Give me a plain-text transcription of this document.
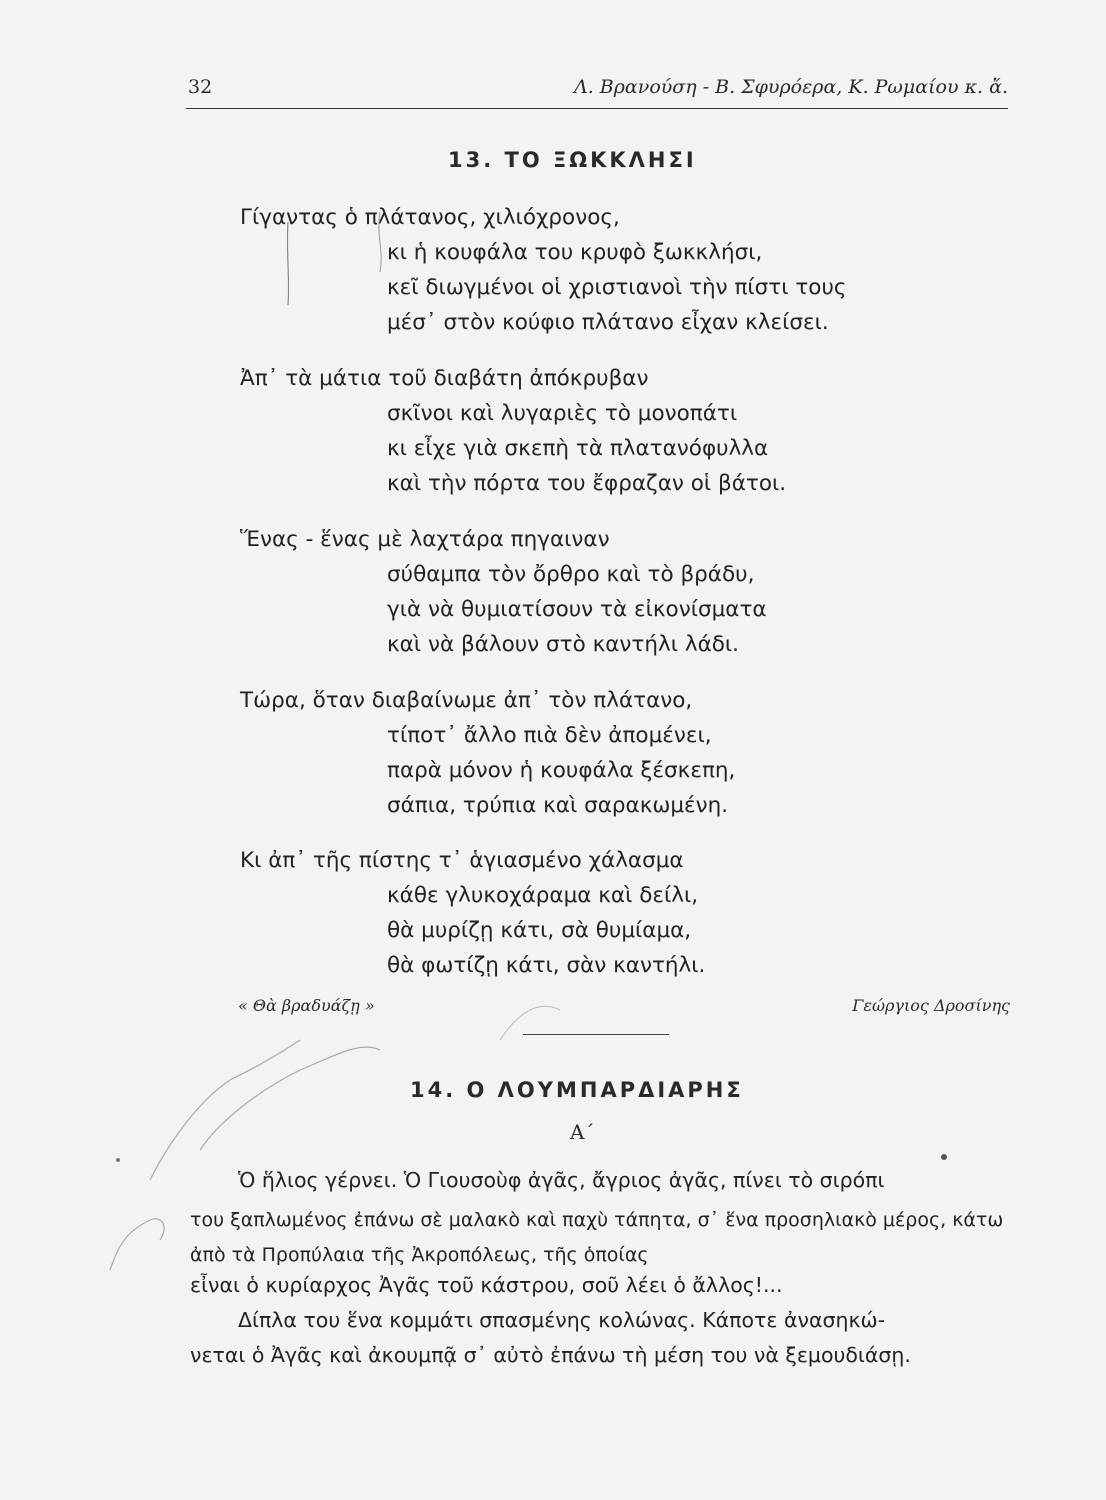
32	Λ. Βρανούση - Β. Σφυρόερα, Κ. Ρωμαίου κ. ἄ.
13. ΤΟ ΞΩΚΚΛΗΣΙ
Γίγαντας ὁ πλάτανος, χιλιόχρονος,
κι ἡ κουφάλα του κρυφὸ ξωκκλήσι,
κεῖ διωγμένοι οἱ χριστιανοὶ τὴν πίστι τους
μέσ᾽ στὸν κούφιο πλάτανο εἶχαν κλείσει.
Ἀπ᾽ τὰ μάτια τοῦ διαβάτη ἀπόκρυβαν
σκῖνοι καὶ λυγαριὲς τὸ μονοπάτι
κι εἶχε γιὰ σκεπὴ τὰ πλατανόφυλλα
καὶ τὴν πόρτα του ἔφραζαν οἱ βάτοι.
Ἕνας - ἕνας μὲ λαχτάρα πηγαιναν
σύθαμπα τὸν ὄρθρο καὶ τὸ βράδυ,
γιὰ νὰ θυμιατίσουν τὰ εἰκονίσματα
καὶ νὰ βάλουν στὸ καντήλι λάδι.
Τώρα, ὅταν διαβαίνωμε ἀπ᾽ τὸν πλάτανο,
τίποτ᾽ ἄλλο πιὰ δὲν ἀπομένει,
παρὰ μόνον ἡ κουφάλα ξέσκεπη,
σάπια, τρύπια καὶ σαρακωμένη.
Κι ἀπ᾽ τῆς πίστης τ᾽ ἁγιασμένο χάλασμα
κάθε γλυκοχάραμα καὶ δείλι,
θὰ μυρίζῃ κάτι, σὰ θυμίαμα,
θὰ φωτίζῃ κάτι, σὰν καντήλι.
« Θὰ βραδυάζῃ »	Γεώργιος Δροσίνης
14. Ο ΛΟΥΜΠΑΡΔΙΑΡΗΣ
Α΄
Ὁ ἥλιος γέρνει. Ὁ Γιουσοὺφ ἀγᾶς, ἄγριος ἀγᾶς, πίνει τὸ σιρόπι
του ξαπλωμένος ἐπάνω σὲ μαλακὸ καὶ παχὺ τάπητα, σ᾽ ἕνα προσηλιακὸ μέρος, κάτω ἀπὸ τὰ Προπύλαια τῆς Ἀκροπόλεως, τῆς ὁποίας
εἶναι ὁ κυρίαρχος Ἀγᾶς τοῦ κάστρου, σοῦ λέει ὁ ἄλλος!...
Δίπλα του ἕνα κομμάτι σπασμένης κολώνας. Κάποτε ἀνασηκώ-
νεται ὁ Ἀγᾶς καὶ ἀκουμπᾷ σ᾽ αὐτὸ ἐπάνω τὴ μέση του νὰ ξεμουδιάσῃ.
